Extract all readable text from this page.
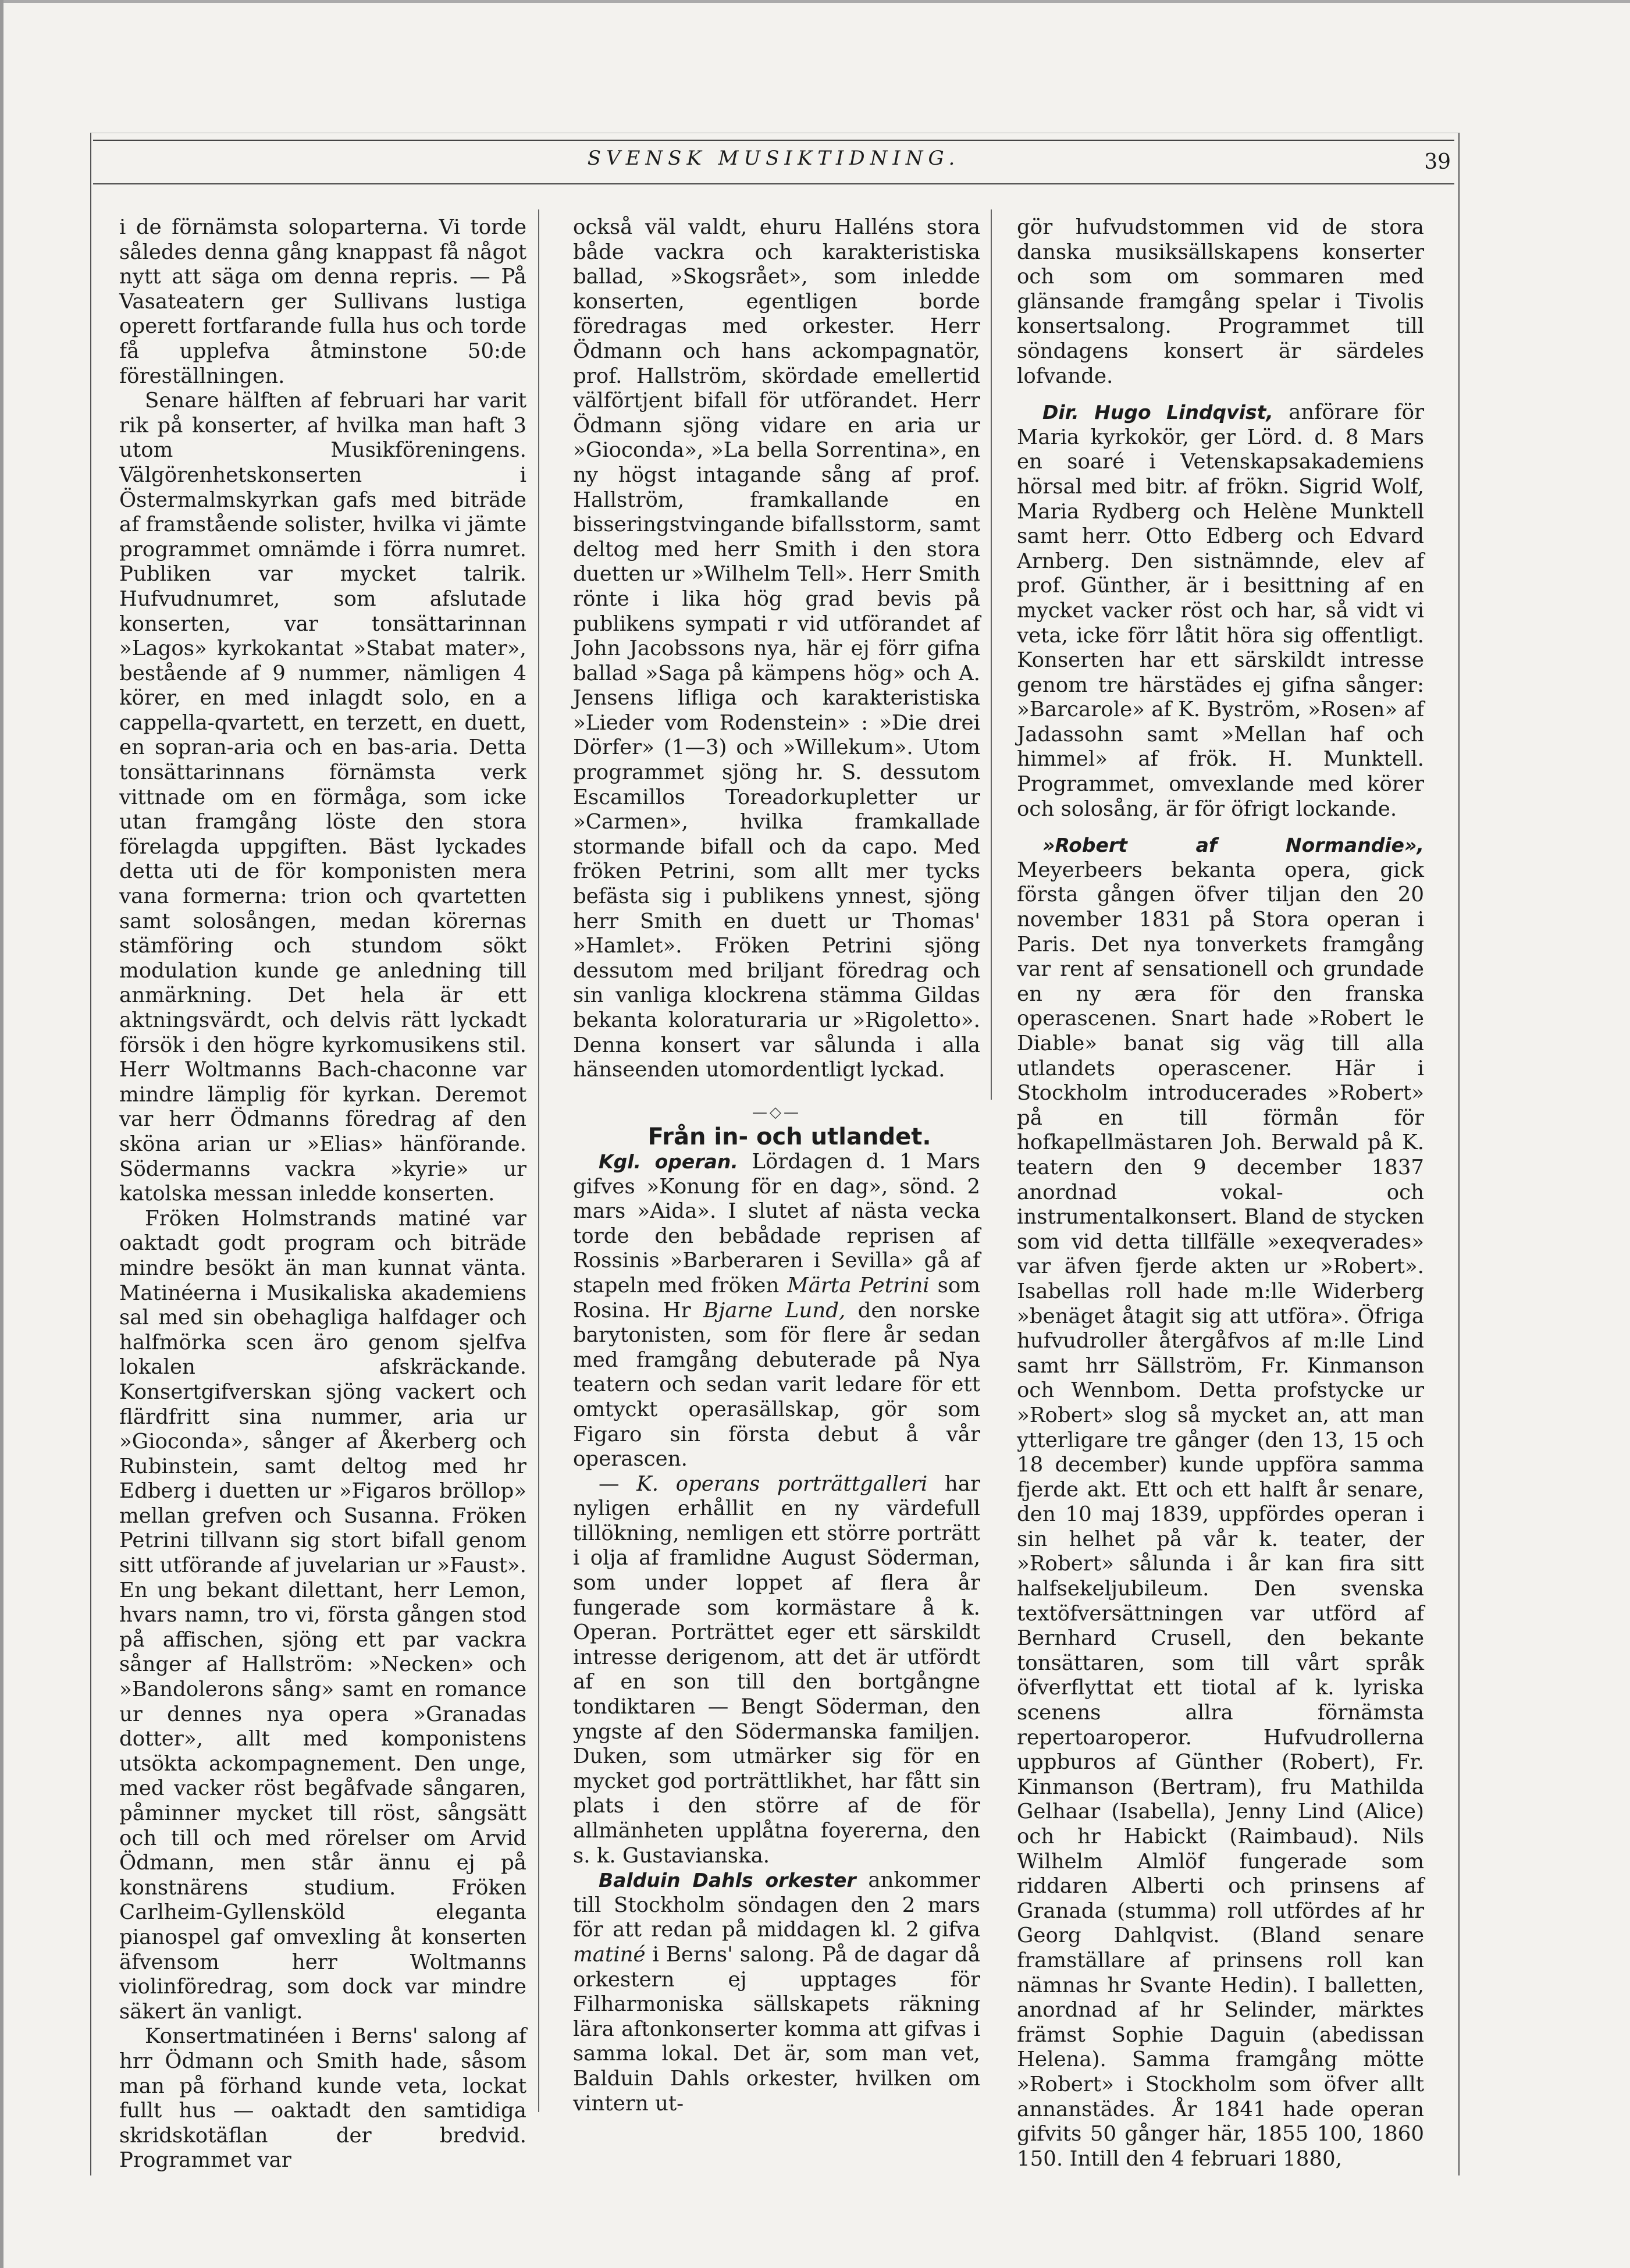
SVENSK MUSIKTIDNING.	39

i de förnämsta soloparterna. Vi torde således denna gång knappast få något nytt att säga om denna repris. — På Vasateatern ger Sullivans lustiga operett fortfarande fulla hus och torde få upplefva åtminstone 50:de föreställningen.

Senare hälften af februari har varit rik på konserter, af hvilka man haft 3 utom Musikföreningens. Välgörenhetskonserten i Östermalmskyrkan gafs med biträde af framstående solister, hvilka vi jämte programmet omnämde i förra numret. Publiken var mycket talrik. Hufvudnumret, som afslutade konserten, var tonsättarinnan »Lagos» kyrkokantat »Stabat mater», bestående af 9 nummer, nämligen 4 körer, en med inlagdt solo, en a cappella-qvartett, en terzett, en duett, en sopran-aria och en bas-aria. Detta tonsättarinnans förnämsta verk vittnade om en förmåga, som icke utan framgång löste den stora förelagda uppgiften. Bäst lyckades detta uti de för komponisten mera vana formerna: trion och qvartetten samt solosången, medan körernas stämföring och stundom sökt modulation kunde ge anledning till anmärkning. Det hela är ett aktningsvärdt, och delvis rätt lyckadt försök i den högre kyrkomusikens stil. Herr Woltmanns Bach-chaconne var mindre lämplig för kyrkan. Deremot var herr Ödmanns föredrag af den sköna arian ur »Elias» hänförande. Södermanns vackra »kyrie» ur katolska messan inledde konserten.

Fröken Holmstrands matiné var oaktadt godt program och biträde mindre besökt än man kunnat vänta. Matinéerna i Musikaliska akademiens sal med sin obehagliga halfdager och halfmörka scen äro genom sjelfva lokalen afskräckande. Konsertgifverskan sjöng vackert och flärdfritt sina nummer, aria ur »Gioconda», sånger af Åkerberg och Rubinstein, samt deltog med hr Edberg i duetten ur »Figaros bröllop» mellan grefven och Susanna. Fröken Petrini tillvann sig stort bifall genom sitt utförande af juvelarian ur »Faust». En ung bekant dilettant, herr Lemon, hvars namn, tro vi, första gången stod på affischen, sjöng ett par vackra sånger af Hallström: »Necken» och »Bandolerons sång» samt en romance ur dennes nya opera »Granadas dotter», allt med komponistens utsökta ackompagnement. Den unge, med vacker röst begåfvade sångaren, påminner mycket till röst, sångsätt och till och med rörelser om Arvid Ödmann, men står ännu ej på konstnärens studium. Fröken Carlheim-Gyllensköld eleganta pianospel gaf omvexling åt konserten äfvensom herr Woltmanns violinföredrag, som dock var mindre säkert än vanligt.

Konsertmatinéen i Berns' salong af hrr Ödmann och Smith hade, såsom man på förhand kunde veta, lockat fullt hus — oaktadt den samtidiga skridskotäflan der bredvid. Programmet var

också väl valdt, ehuru Halléns stora både vackra och karakteristiska ballad, »Skogsrået», som inledde konserten, egentligen borde föredragas med orkester. Herr Ödmann och hans ackompagnatör, prof. Hallström, skördade emellertid välförtjent bifall för utförandet. Herr Ödmann sjöng vidare en aria ur »Gioconda», »La bella Sorrentina», en ny högst intagande sång af prof. Hallström, framkallande en bisseringstvingande bifallsstorm, samt deltog med herr Smith i den stora duetten ur »Wilhelm Tell». Herr Smith rönte i lika hög grad bevis på publikens sympati r vid utförandet af John Jacobssons nya, här ej förr gifna ballad »Saga på kämpens hög» och A. Jensens lifliga och karakteristiska »Lieder vom Rodenstein» : »Die drei Dörfer» (1—3) och »Willekum». Utom programmet sjöng hr. S. dessutom Escamillos Toreadorkupletter ur »Carmen», hvilka framkallade stormande bifall och da capo. Med fröken Petrini, som allt mer tycks befästa sig i publikens ynnest, sjöng herr Smith en duett ur Thomas' »Hamlet». Fröken Petrini sjöng dessutom med briljant föredrag och sin vanliga klockrena stämma Gildas bekanta koloraturaria ur »Rigoletto». Denna konsert var sålunda i alla hänseenden utomordentligt lyckad.

—◇—

Från in- och utlandet.

Kgl. operan. Lördagen d. 1 Mars gifves »Konung för en dag», sönd. 2 mars »Aida». I slutet af nästa vecka torde den bebådade reprisen af Rossinis »Barberaren i Sevilla» gå af stapeln med fröken Märta Petrini som Rosina. Hr Bjarne Lund, den norske barytonisten, som för flere år sedan med framgång debuterade på Nya teatern och sedan varit ledare för ett omtyckt operasällskap, gör som Figaro sin första debut å vår operascen.

— K. operans porträttgalleri har nyligen erhållit en ny värdefull tillökning, nemligen ett större porträtt i olja af framlidne August Söderman, som under loppet af flera år fungerade som kormästare å k. Operan. Porträttet eger ett särskildt intresse derigenom, att det är utfördt af en son till den bortgångne tondiktaren — Bengt Söderman, den yngste af den Södermanska familjen. Duken, som utmärker sig för en mycket god porträttlikhet, har fått sin plats i den större af de för allmänheten upplåtna foyererna, den s. k. Gustavianska.

Balduin Dahls orkester ankommer till Stockholm söndagen den 2 mars för att redan på middagen kl. 2 gifva matiné i Berns' salong. På de dagar då orkestern ej upptages för Filharmoniska sällskapets räkning lära aftonkonserter komma att gifvas i samma lokal. Det är, som man vet, Balduin Dahls orkester, hvilken om vintern ut-

gör hufvudstommen vid de stora danska musiksällskapens konserter och som om sommaren med glänsande framgång spelar i Tivolis konsertsalong. Programmet till söndagens konsert är särdeles lofvande.

Dir. Hugo Lindqvist, anförare för Maria kyrkokör, ger Lörd. d. 8 Mars en soaré i Vetenskapsakademiens hörsal med bitr. af frökn. Sigrid Wolf, Maria Rydberg och Helène Munktell samt herr. Otto Edberg och Edvard Arnberg. Den sistnämnde, elev af prof. Günther, är i besittning af en mycket vacker röst och har, så vidt vi veta, icke förr låtit höra sig offentligt. Konserten har ett särskildt intresse genom tre härstädes ej gifna sånger: »Barcarole» af K. Byström, »Rosen» af Jadassohn samt »Mellan haf och himmel» af frök. H. Munktell. Programmet, omvexlande med körer och solosång, är för öfrigt lockande.

»Robert af Normandie», Meyerbeers bekanta opera, gick första gången öfver tiljan den 20 november 1831 på Stora operan i Paris. Det nya tonverkets framgång var rent af sensationell och grundade en ny æra för den franska operascenen. Snart hade »Robert le Diable» banat sig väg till alla utlandets operascener. Här i Stockholm introducerades »Robert» på en till förmån för hofkapellmästaren Joh. Berwald på K. teatern den 9 december 1837 anordnad vokal- och instrumentalkonsert. Bland de stycken som vid detta tillfälle »exeqverades» var äfven fjerde akten ur »Robert». Isabellas roll hade m:lle Widerberg »benäget åtagit sig att utföra». Öfriga hufvudroller återgåfvos af m:lle Lind samt hrr Sällström, Fr. Kinmanson och Wennbom. Detta profstycke ur »Robert» slog så mycket an, att man ytterligare tre gånger (den 13, 15 och 18 december) kunde uppföra samma fjerde akt. Ett och ett halft år senare, den 10 maj 1839, uppfördes operan i sin helhet på vår k. teater, der »Robert» sålunda i år kan fira sitt halfsekeljubileum. Den svenska textöfversättningen var utförd af Bernhard Crusell, den bekante tonsättaren, som till vårt språk öfverflyttat ett tiotal af k. lyriska scenens allra förnämsta repertoaroperor. Hufvudrollerna uppburos af Günther (Robert), Fr. Kinmanson (Bertram), fru Mathilda Gelhaar (Isabella), Jenny Lind (Alice) och hr Habickt (Raimbaud). Nils Wilhelm Almlöf fungerade som riddaren Alberti och prinsens af Granada (stumma) roll utfördes af hr Georg Dahlqvist. (Bland senare framställare af prinsens roll kan nämnas hr Svante Hedin). I balletten, anordnad af hr Selinder, märktes främst Sophie Daguin (abedissan Helena). Samma framgång mötte »Robert» i Stockholm som öfver allt annanstädes. År 1841 hade operan gifvits 50 gånger här, 1855 100, 1860 150. Intill den 4 februari 1880,
